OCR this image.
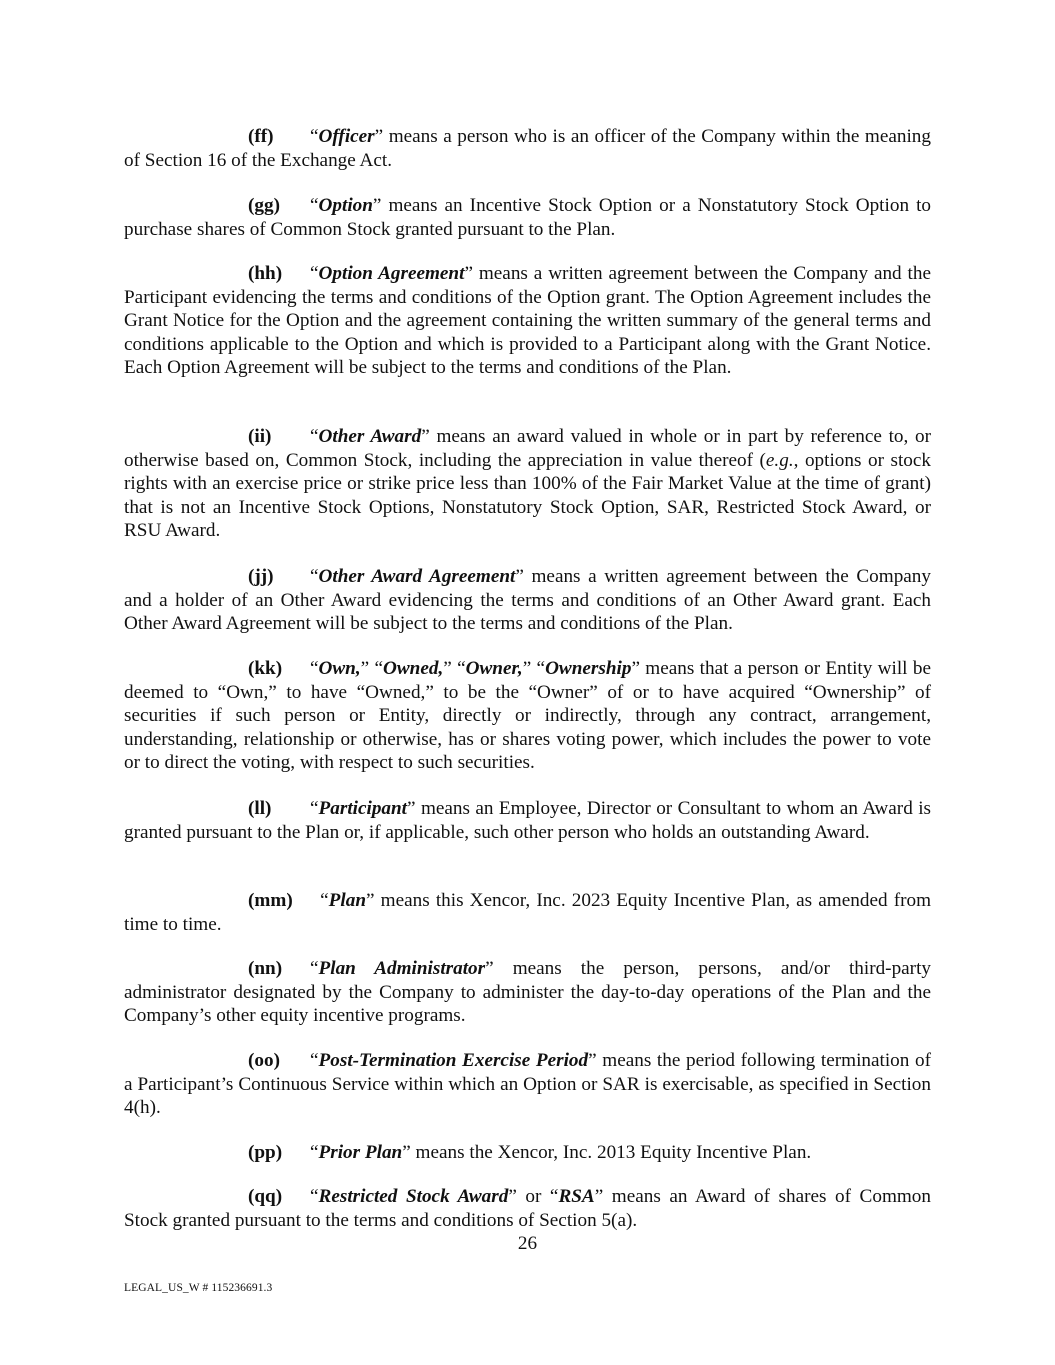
(ff) “Officer” means a person who is an officer of the Company within the meaning of Section 16 of the Exchange Act.

(gg) “Option” means an Incentive Stock Option or a Nonstatutory Stock Option to purchase shares of Common Stock granted pursuant to the Plan.

(hh) “Option Agreement” means a written agreement between the Company and the Participant evidencing the terms and conditions of the Option grant. The Option Agreement includes the Grant Notice for the Option and the agreement containing the written summary of the general terms and conditions applicable to the Option and which is provided to a Participant along with the Grant Notice. Each Option Agreement will be subject to the terms and conditions of the Plan.

(ii) “Other Award” means an award valued in whole or in part by reference to, or otherwise based on, Common Stock, including the appreciation in value thereof (e.g., options or stock rights with an exercise price or strike price less than 100% of the Fair Market Value at the time of grant) that is not an Incentive Stock Options, Nonstatutory Stock Option, SAR, Restricted Stock Award, or RSU Award.

(jj) “Other Award Agreement” means a written agreement between the Company and a holder of an Other Award evidencing the terms and conditions of an Other Award grant. Each Other Award Agreement will be subject to the terms and conditions of the Plan.

(kk) “Own,” “Owned,” “Owner,” “Ownership” means that a person or Entity will be deemed to “Own,” to have “Owned,” to be the “Owner” of or to have acquired “Ownership” of securities if such person or Entity, directly or indirectly, through any contract, arrangement, understanding, relationship or otherwise, has or shares voting power, which includes the power to vote or to direct the voting, with respect to such securities.

(ll) “Participant” means an Employee, Director or Consultant to whom an Award is granted pursuant to the Plan or, if applicable, such other person who holds an outstanding Award.

(mm) “Plan” means this Xencor, Inc. 2023 Equity Incentive Plan, as amended from time to time.

(nn) “Plan Administrator” means the person, persons, and/or third-party administrator designated by the Company to administer the day-to-day operations of the Plan and the Company’s other equity incentive programs.

(oo) “Post-Termination Exercise Period” means the period following termination of a Participant’s Continuous Service within which an Option or SAR is exercisable, as specified in Section 4(h).

(pp) “Prior Plan” means the Xencor, Inc. 2013 Equity Incentive Plan.

(qq) “Restricted Stock Award” or “RSA” means an Award of shares of Common Stock granted pursuant to the terms and conditions of Section 5(a).

26
LEGAL_US_W # 115236691.3
